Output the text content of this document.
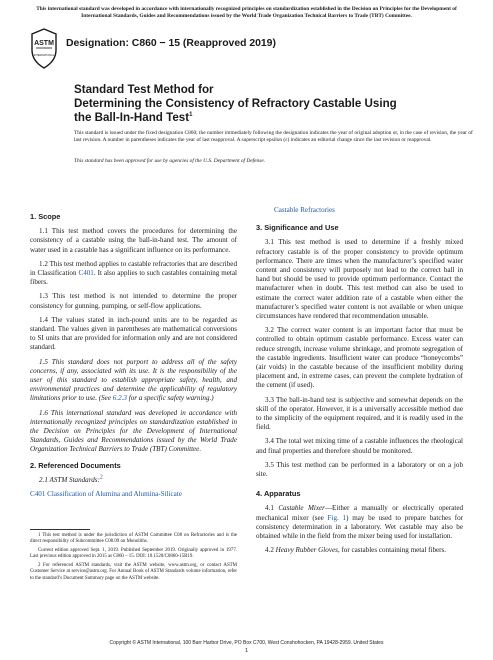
This international standard was developed in accordance with internationally recognized principles on standardization established in the Decision on Principles for the Development of International Standards, Guides and Recommendations issued by the World Trade Organization Technical Barriers to Trade (TBT) Committee.
ASTM
INTERNATIONAL
Designation: C860 − 15 (Reapproved 2019)
Standard Test Method for
Determining the Consistency of Refractory Castable Using
the Ball-In-Hand Test$^1$
This standard is issued under the fixed designation C860; the number immediately following the designation indicates the year of original adoption or, in the case of revision, the year of last revision. A number in parentheses indicates the year of last reapproval. A superscript epsilon (ε) indicates an editorial change since the last revision or reapproval.
This standard has been approved for use by agencies of the U.S. Department of Defense.
1. Scope

1.1 This test method covers the procedures for determining the consistency of a castable using the ball-in-hand test. The amount of water used in a castable has a significant influence on its performance.

1.2 This test method applies to castable refractories that are described in Classification C401. It also applies to such castables containing metal fibers.

1.3 This test method is not intended to determine the proper consistency for gunning, pumping, or self-flow applications.

1.4 The values stated in inch-pound units are to be regarded as standard. The values given in parentheses are mathematical conversions to SI units that are provided for information only and are not considered standard.

1.5 This standard does not purport to address all of the safety concerns, if any, associated with its use. It is the responsibility of the user of this standard to establish appropriate safety, health, and environmental practices and determine the applicability of regulatory limitations prior to use. (See 6.2.3 for a specific safety warning.)

1.6 This international standard was developed in accordance with internationally recognized principles on standardization established in the Decision on Principles for the Development of International Standards, Guides and Recommendations issued by the World Trade Organization Technical Barriers to Trade (TBT) Committee.

2. Referenced Documents

2.1 ASTM Standards:$^2$

C401 Classification of Alumina and Alumina-Silicate

Castable Refractories

3. Significance and Use

3.1 This test method is used to determine if a freshly mixed refractory castable is of the proper consistency to provide optimum performance. There are times when the manufacturer’s specified water content and consistency will purposely not lead to the correct ball in hand but should be used to provide optimum performance. Contact the manufacturer when in doubt. This test method can also be used to estimate the correct water addition rate of a castable when either the manufacturer’s specified water content is not available or when unique circumstances have rendered that recommendation unusable.

3.2 The correct water content is an important factor that must be controlled to obtain optimum castable performance. Excess water can reduce strength, increase volume shrinkage, and promote segregation of the castable ingredients. Insufficient water can produce “honeycombs” (air voids) in the castable because of the insufficient mobility during placement and, in extreme cases, can prevent the complete hydration of the cement (if used).

3.3 The ball-in-hand test is subjective and somewhat depends on the skill of the operator. However, it is a universally accessible method due to the simplicity of the equipment required, and it is readily used in the field.

3.4 The total wet mixing time of a castable influences the rheological and final properties and therefore should be monitored.

3.5 This test method can be performed in a laboratory or on a job site.

4. Apparatus

4.1 Castable Mixer—Either a manually or electrically operated mechanical mixer (see Fig. 1) may be used to prepare batches for consistency determination in a laboratory. Wet castable may also be obtained while in the field from the mixer being used for installation.

4.2 Heavy Rubber Gloves, for castables containing metal fibers.

1 This test method is under the jurisdiction of ASTM Committee C08 on Refractories and is the direct responsibility of Subcommittee C08.09 on Monoliths.

Current edition approved Sept. 1, 2019. Published September 2019. Originally approved in 1977. Last previous edition approved in 2015 as C860 – 15. DOI: 10.1520/C0860-15R19.

2 For referenced ASTM standards, visit the ASTM website, www.astm.org, or contact ASTM Customer Service at service@astm.org. For Annual Book of ASTM Standards volume information, refer to the standard’s Document Summary page on the ASTM website.

Copyright © ASTM International, 100 Barr Harbor Drive, PO Box C700, West Conshohocken, PA 19428-2959. United States
1
